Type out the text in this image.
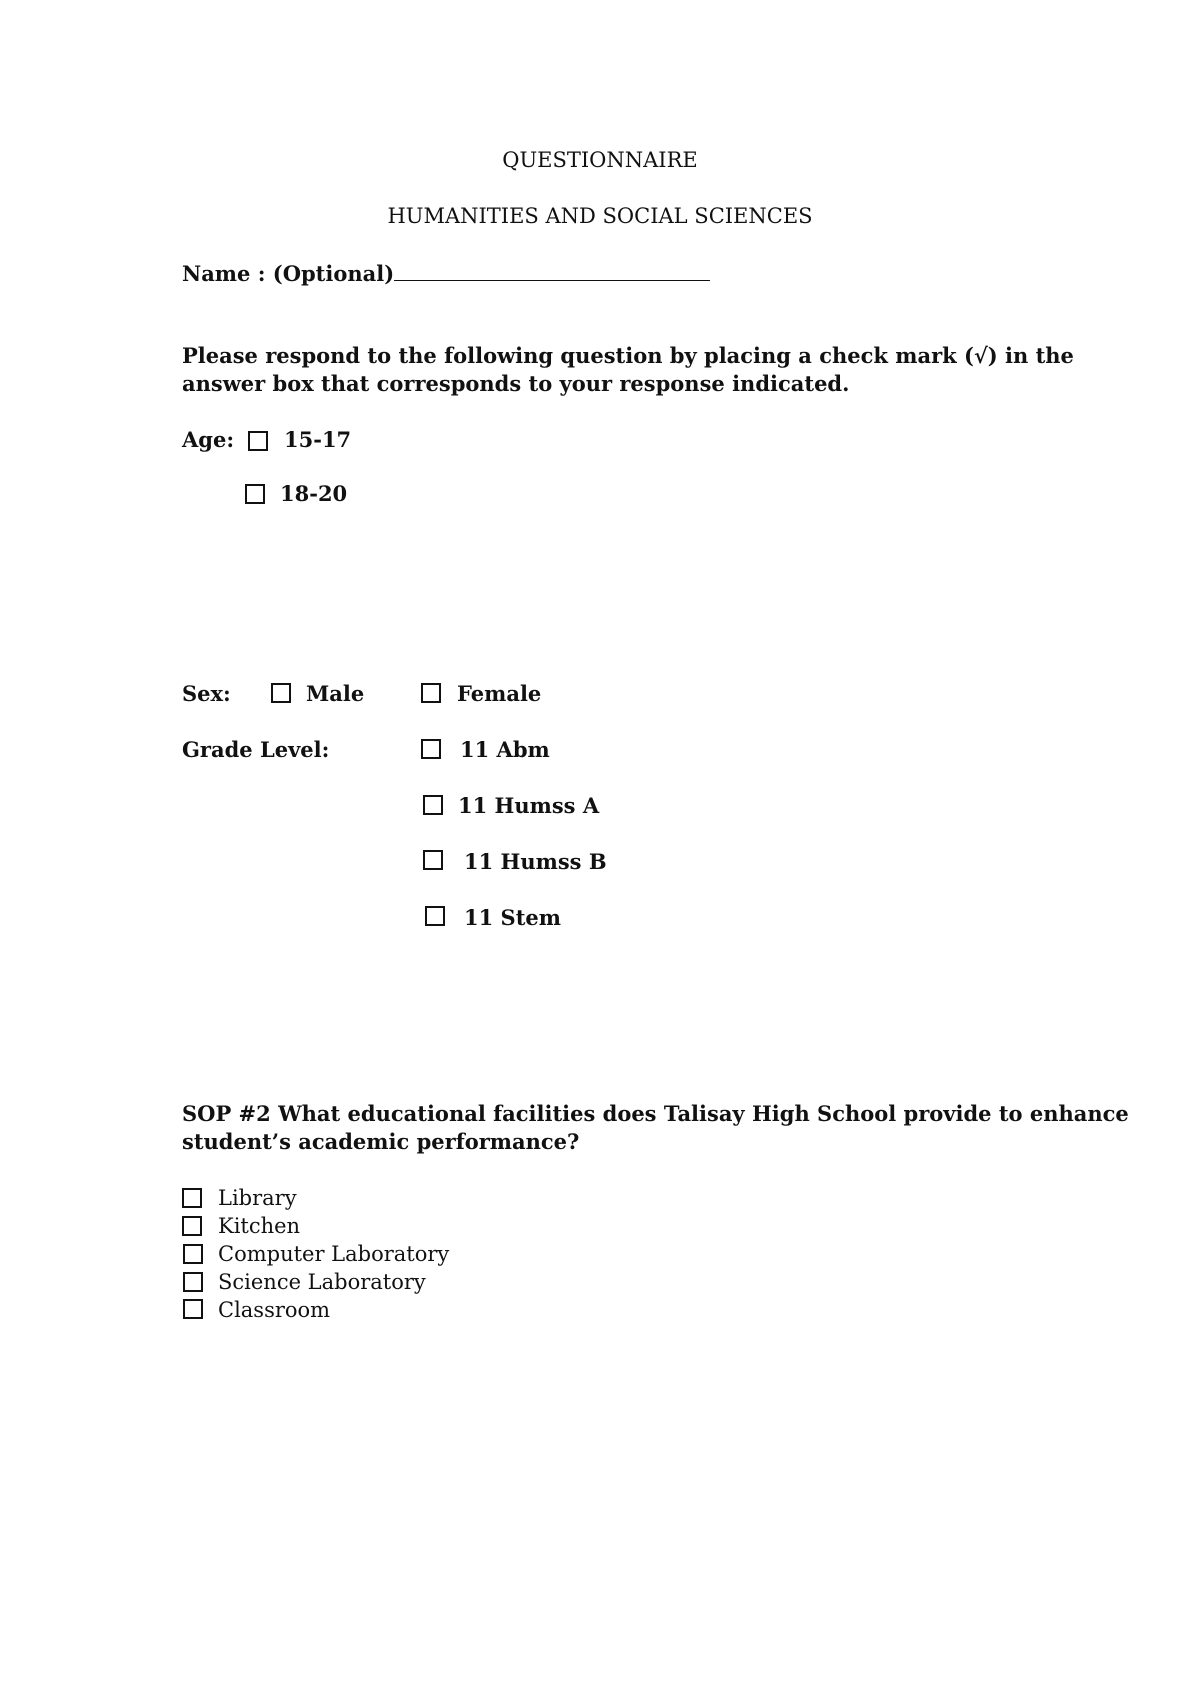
QUESTIONNAIRE
HUMANITIES AND SOCIAL SCIENCES
Name : (Optional)
Please respond to the following question by placing a check mark (√) in the
answer box that corresponds to your response indicated.
Age: 15-17
18-20
Sex:	Male	Female
Grade Level:	11 Abm
11 Humss A
11 Humss B
11 Stem
SOP #2 What educational facilities does Talisay High School provide to enhance
student’s academic performance?
Library
Kitchen
Computer Laboratory
Science Laboratory
Classroom
